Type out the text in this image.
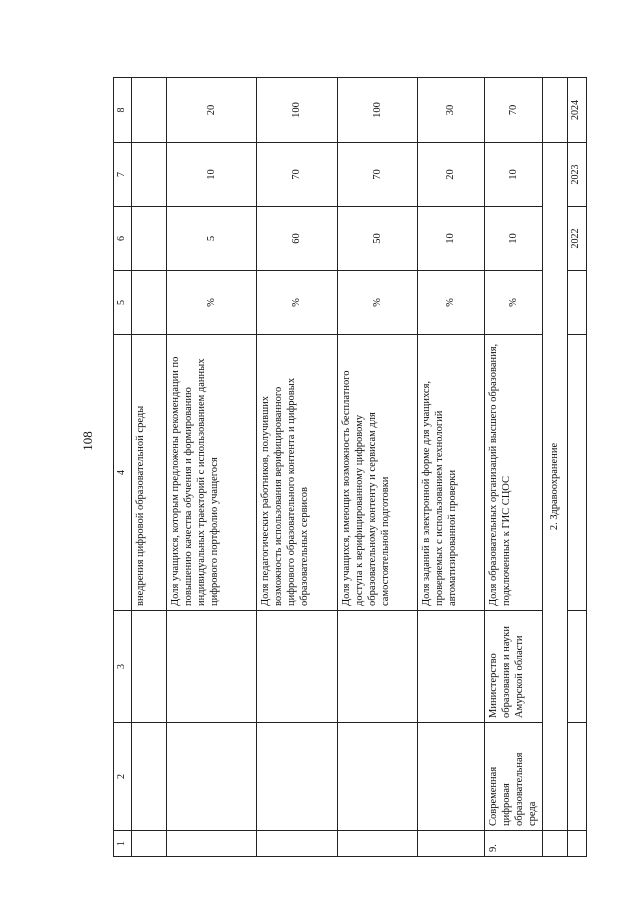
108
1	2	3	4	5	6	7	8
			внедрения цифровой образовательной среды				
			Доля учащихся, которым предложены рекомендации по повышению качества обучения и формированию индивидуальных траекторий с использованием данных цифрового портфолио учащегося	%	5	10	20
			Доля педагогических работников, получивших возможность использования верифицированного цифрового образовательного контента и цифровых образовательных сервисов	%	60	70	100
			Доля учащихся, имеющих возможность бесплатного доступа к верифицированному цифровому образовательному контенту и сервисам для самостоятельной подготовки	%	50	70	100
			Доля заданий в электронной форме для учащихся, проверяемых с использованием технологий автоматизированной проверки	%	10	20	30
9.	Современная цифровая образовательная среда	Министерство образования и науки Амурской области	Доля образовательных организаций высшего образования, подключенных к ГИС СЦОС	%	10	10	70
	2. Здравоохранение						
					2022	2023	2024
